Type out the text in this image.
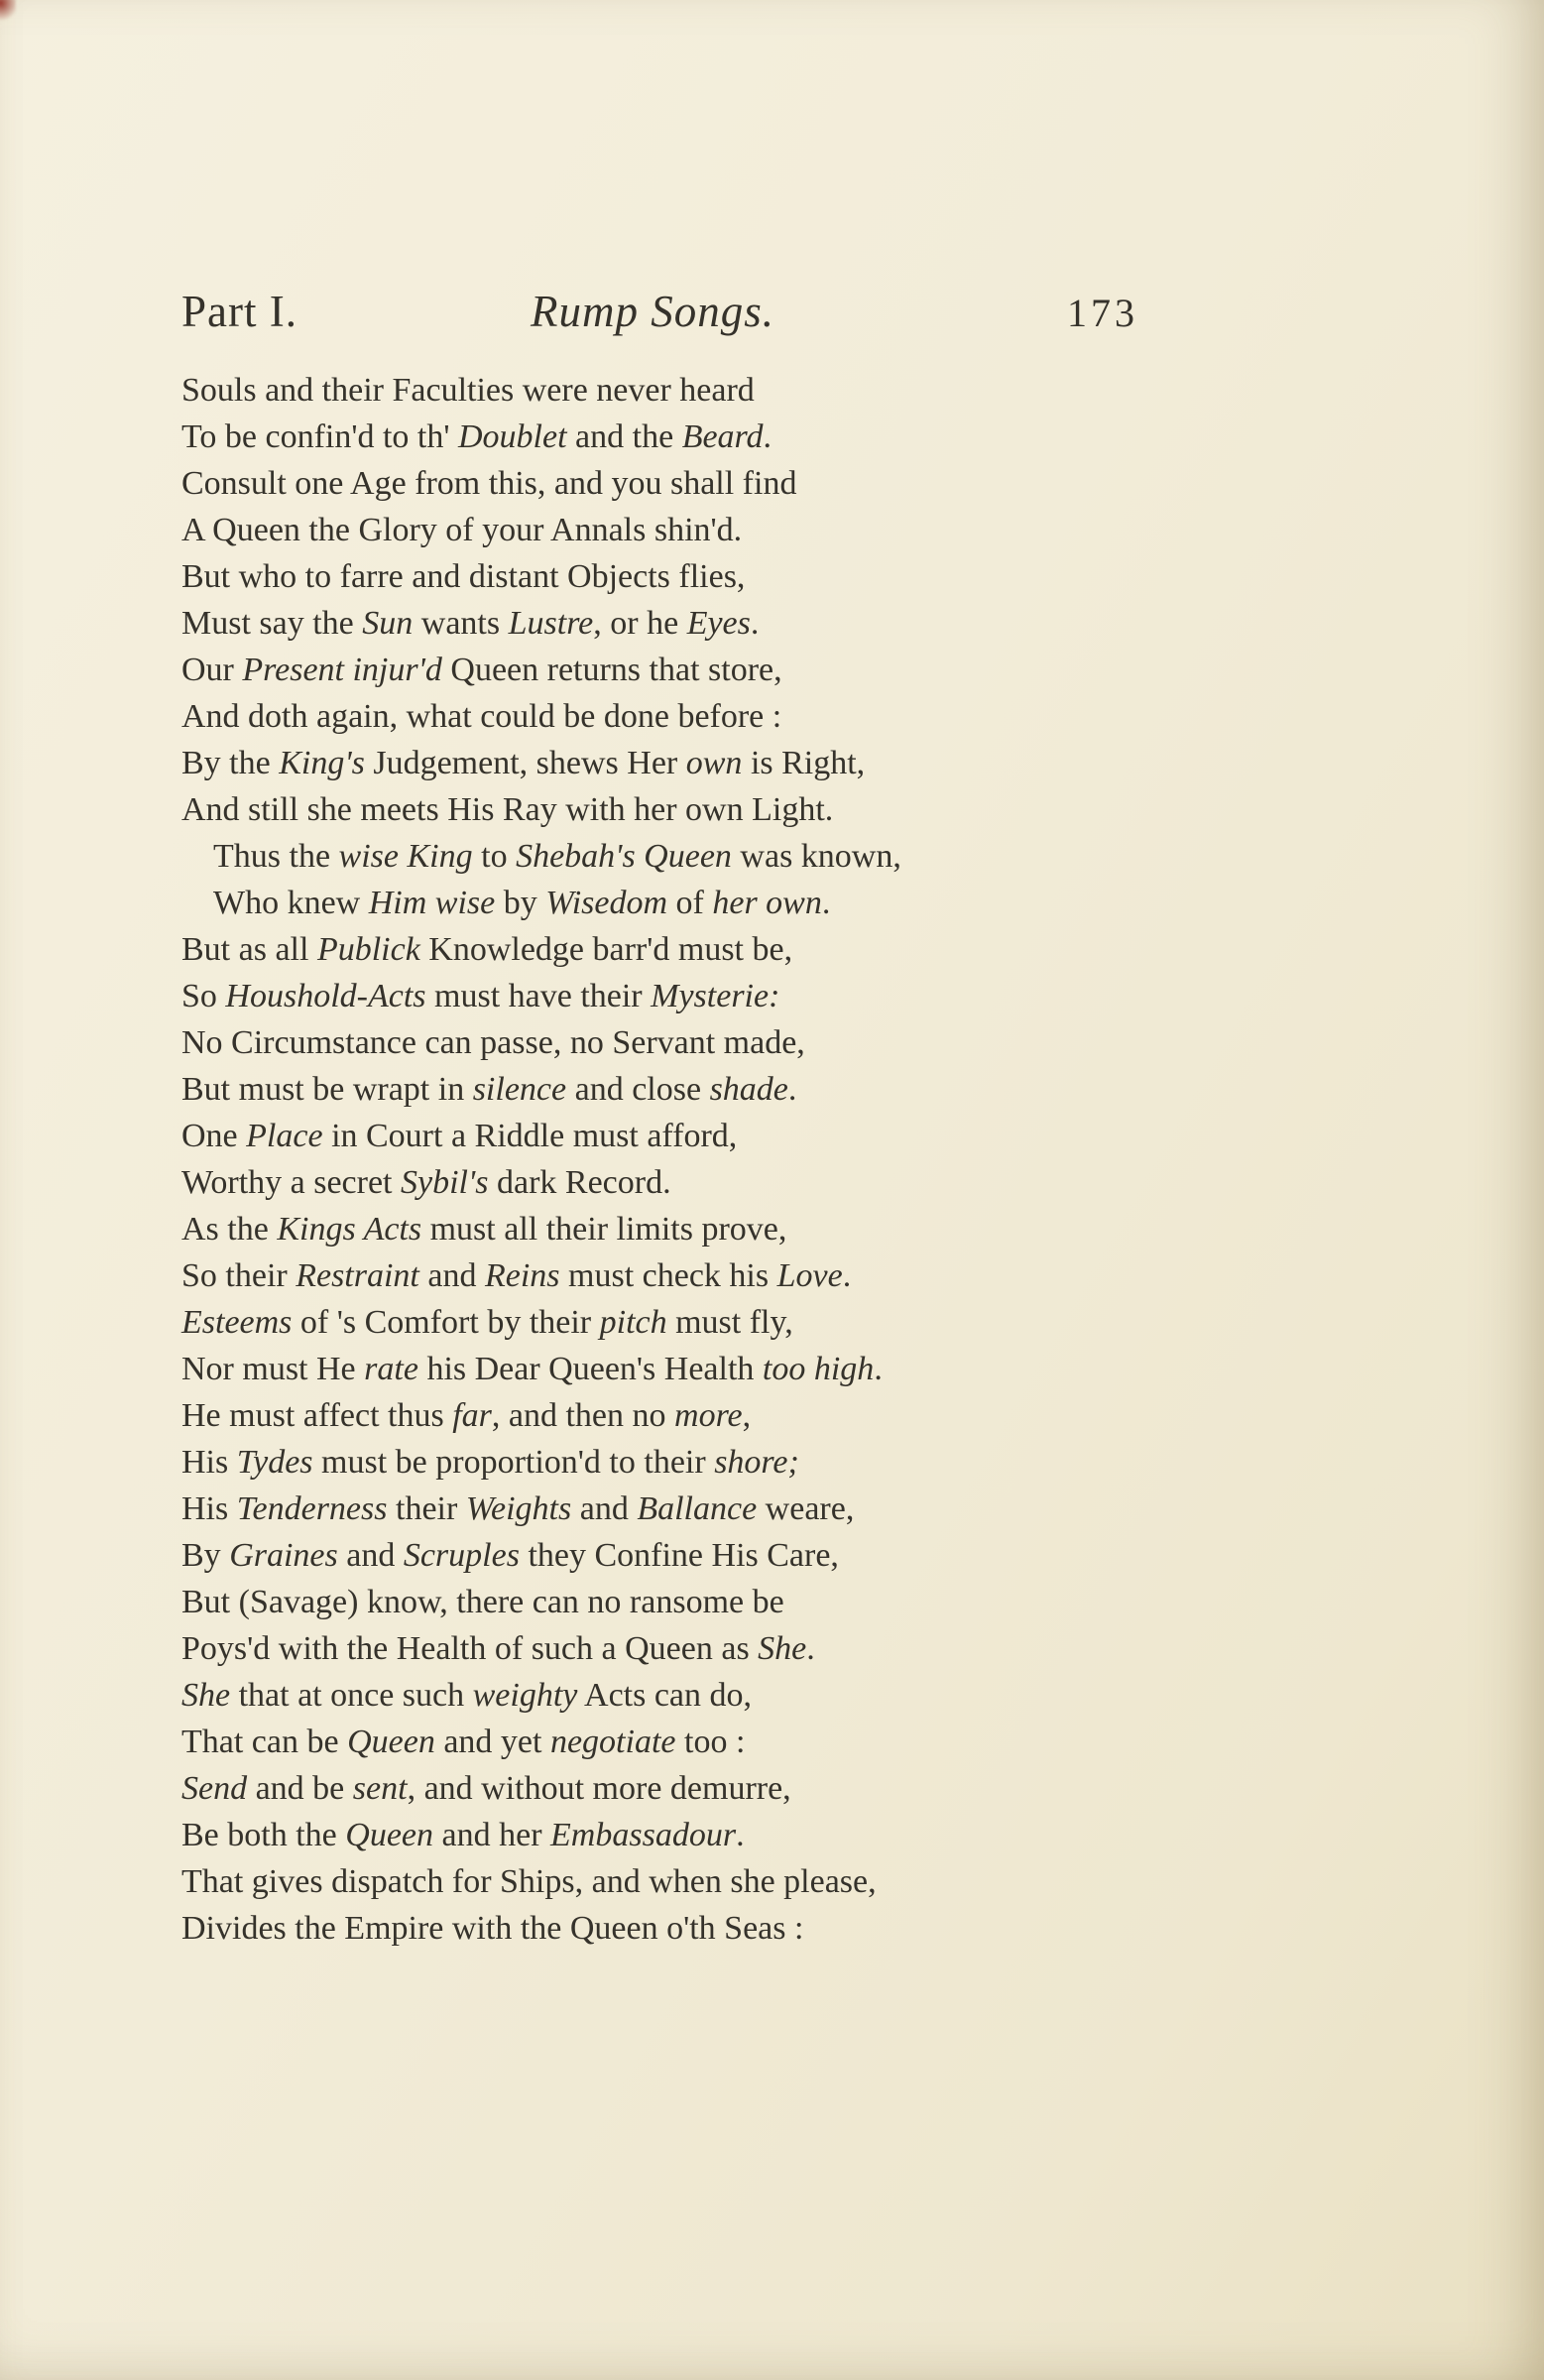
Part I.	Rump Songs.	173
Souls and their Faculties were never heard
To be confin'd to th' Doublet and the Beard.
Consult one Age from this, and you shall find
A Queen the Glory of your Annals shin'd.
But who to farre and distant Objects flies,
Must say the Sun wants Lustre, or he Eyes.
Our Present injur'd Queen returns that store,
And doth again, what could be done before :
By the King's Judgement, shews Her own is Right,
And still she meets His Ray with her own Light.
Thus the wise King to Shebah's Queen was known,
Who knew Him wise by Wisedom of her own.
But as all Publick Knowledge barr'd must be,
So Houshold-Acts must have their Mysterie:
No Circumstance can passe, no Servant made,
But must be wrapt in silence and close shade.
One Place in Court a Riddle must afford,
Worthy a secret Sybil's dark Record.
As the Kings Acts must all their limits prove,
So their Restraint and Reins must check his Love.
Esteems of 's Comfort by their pitch must fly,
Nor must He rate his Dear Queen's Health too high.
He must affect thus far, and then no more,
His Tydes must be proportion'd to their shore;
His Tenderness their Weights and Ballance weare,
By Graines and Scruples they Confine His Care,
But (Savage) know, there can no ransome be
Poys'd with the Health of such a Queen as She.
She that at once such weighty Acts can do,
That can be Queen and yet negotiate too :
Send and be sent, and without more demurre,
Be both the Queen and her Embassadour.
That gives dispatch for Ships, and when she please,
Divides the Empire with the Queen o'th Seas :
